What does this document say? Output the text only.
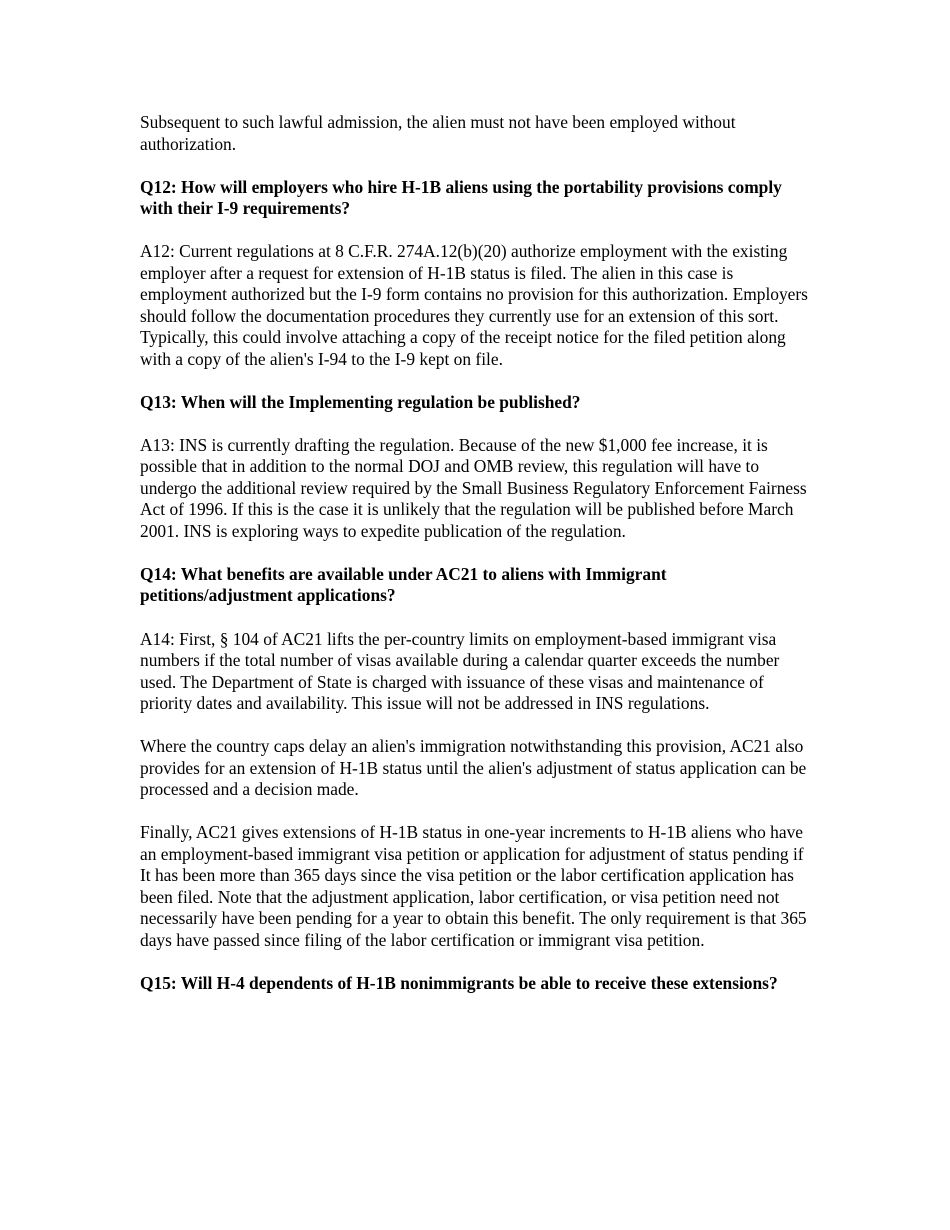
Subsequent to such lawful admission, the alien must not have been employed without authorization.

Q12: How will employers who hire H-1B aliens using the portability provisions comply with their I-9 requirements?

A12: Current regulations at 8 C.F.R. 274A.12(b)(20) authorize employment with the existing employer after a request for extension of H-1B status is filed. The alien in this case is employment authorized but the I-9 form contains no provision for this authorization. Employers should follow the documentation procedures they currently use for an extension of this sort. Typically, this could involve attaching a copy of the receipt notice for the filed petition along with a copy of the alien's I-94 to the I-9 kept on file.

Q13: When will the Implementing regulation be published?

A13: INS is currently drafting the regulation. Because of the new $1,000 fee increase, it is possible that in addition to the normal DOJ and OMB review, this regulation will have to undergo the additional review required by the Small Business Regulatory Enforcement Fairness Act of 1996. If this is the case it is unlikely that the regulation will be published before March 2001. INS is exploring ways to expedite publication of the regulation.

Q14: What benefits are available under AC21 to aliens with Immigrant petitions/adjustment applications?

A14: First, § 104 of AC21 lifts the per-country limits on employment-based immigrant visa numbers if the total number of visas available during a calendar quarter exceeds the number used. The Department of State is charged with issuance of these visas and maintenance of priority dates and availability. This issue will not be addressed in INS regulations.

Where the country caps delay an alien's immigration notwithstanding this provision, AC21 also provides for an extension of H-1B status until the alien's adjustment of status application can be processed and a decision made.

Finally, AC21 gives extensions of H-1B status in one-year increments to H-1B aliens who have an employment-based immigrant visa petition or application for adjustment of status pending if It has been more than 365 days since the visa petition or the labor certification application has been filed. Note that the adjustment application, labor certification, or visa petition need not necessarily have been pending for a year to obtain this benefit. The only requirement is that 365 days have passed since filing of the labor certification or immigrant visa petition.

Q15: Will H-4 dependents of H-1B nonimmigrants be able to receive these extensions?
